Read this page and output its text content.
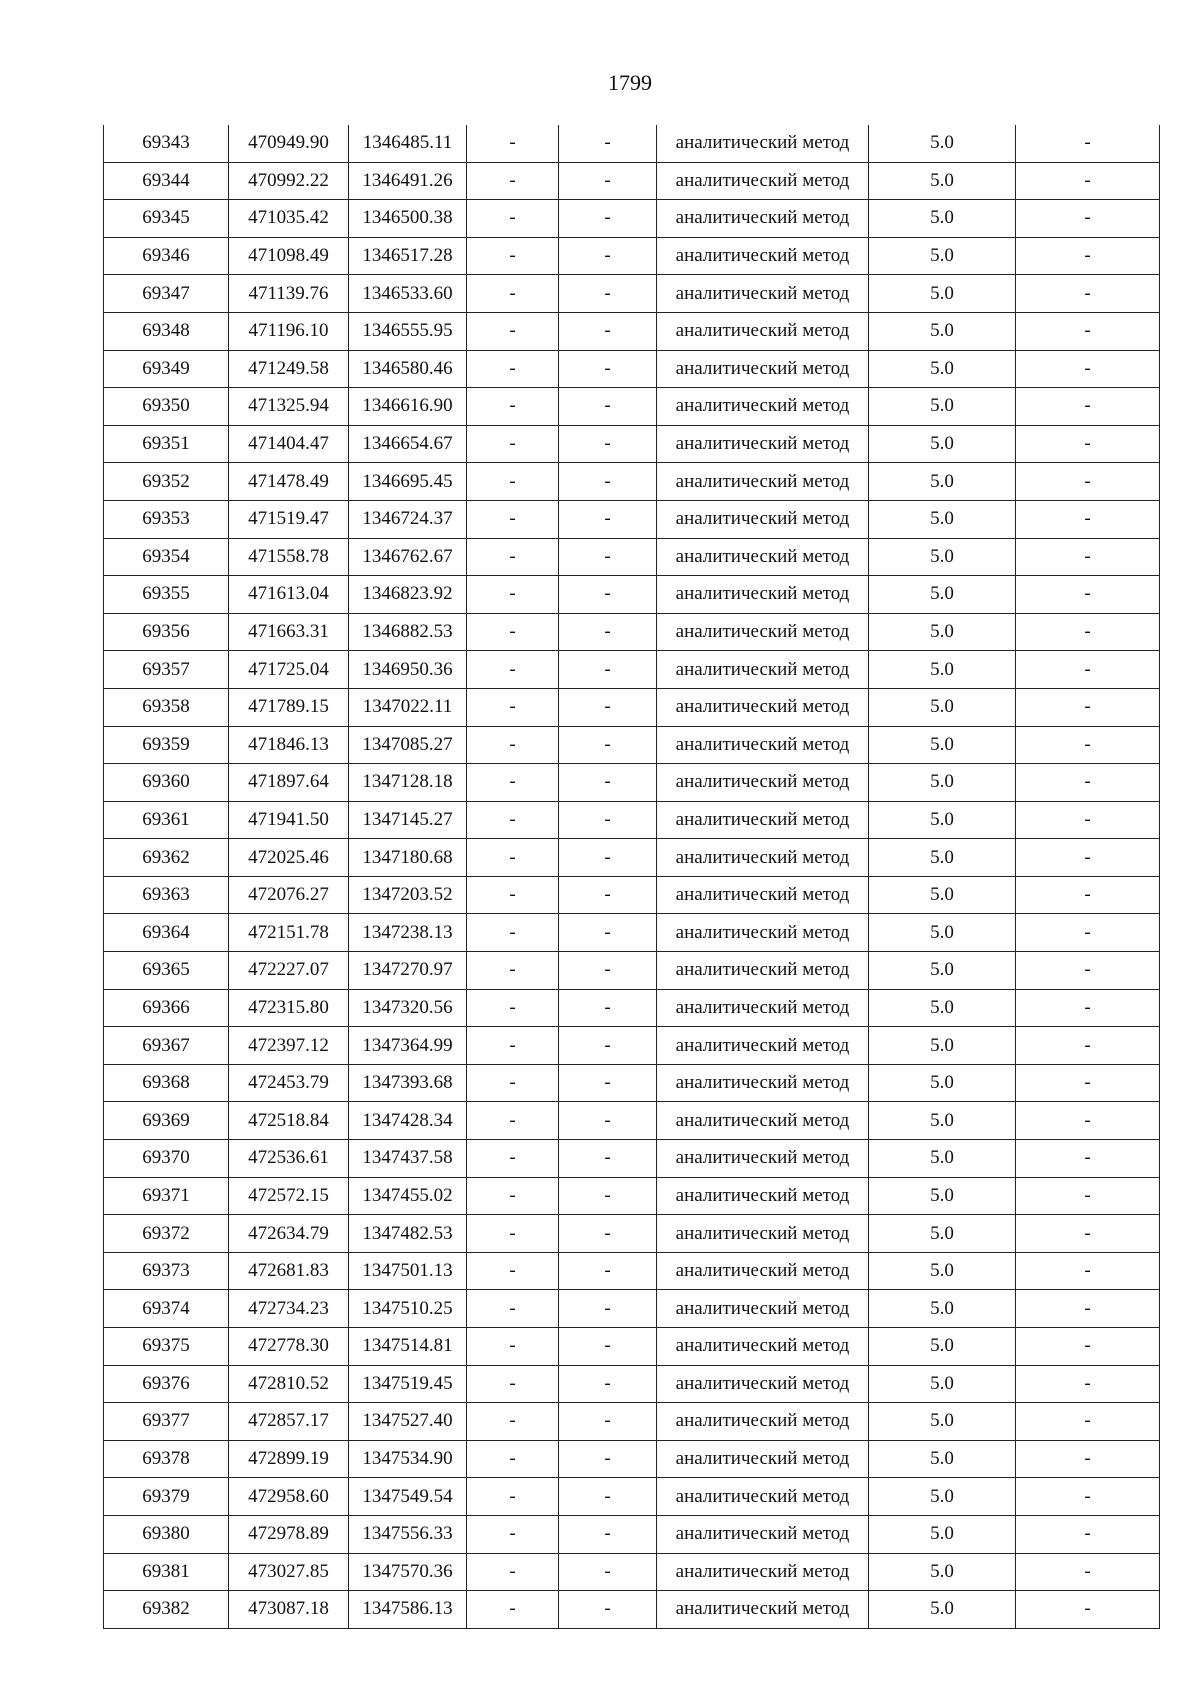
1799
69343	470949.90	1346485.11	-	-	аналитический метод	5.0	-
69344	470992.22	1346491.26	-	-	аналитический метод	5.0	-
69345	471035.42	1346500.38	-	-	аналитический метод	5.0	-
69346	471098.49	1346517.28	-	-	аналитический метод	5.0	-
69347	471139.76	1346533.60	-	-	аналитический метод	5.0	-
69348	471196.10	1346555.95	-	-	аналитический метод	5.0	-
69349	471249.58	1346580.46	-	-	аналитический метод	5.0	-
69350	471325.94	1346616.90	-	-	аналитический метод	5.0	-
69351	471404.47	1346654.67	-	-	аналитический метод	5.0	-
69352	471478.49	1346695.45	-	-	аналитический метод	5.0	-
69353	471519.47	1346724.37	-	-	аналитический метод	5.0	-
69354	471558.78	1346762.67	-	-	аналитический метод	5.0	-
69355	471613.04	1346823.92	-	-	аналитический метод	5.0	-
69356	471663.31	1346882.53	-	-	аналитический метод	5.0	-
69357	471725.04	1346950.36	-	-	аналитический метод	5.0	-
69358	471789.15	1347022.11	-	-	аналитический метод	5.0	-
69359	471846.13	1347085.27	-	-	аналитический метод	5.0	-
69360	471897.64	1347128.18	-	-	аналитический метод	5.0	-
69361	471941.50	1347145.27	-	-	аналитический метод	5.0	-
69362	472025.46	1347180.68	-	-	аналитический метод	5.0	-
69363	472076.27	1347203.52	-	-	аналитический метод	5.0	-
69364	472151.78	1347238.13	-	-	аналитический метод	5.0	-
69365	472227.07	1347270.97	-	-	аналитический метод	5.0	-
69366	472315.80	1347320.56	-	-	аналитический метод	5.0	-
69367	472397.12	1347364.99	-	-	аналитический метод	5.0	-
69368	472453.79	1347393.68	-	-	аналитический метод	5.0	-
69369	472518.84	1347428.34	-	-	аналитический метод	5.0	-
69370	472536.61	1347437.58	-	-	аналитический метод	5.0	-
69371	472572.15	1347455.02	-	-	аналитический метод	5.0	-
69372	472634.79	1347482.53	-	-	аналитический метод	5.0	-
69373	472681.83	1347501.13	-	-	аналитический метод	5.0	-
69374	472734.23	1347510.25	-	-	аналитический метод	5.0	-
69375	472778.30	1347514.81	-	-	аналитический метод	5.0	-
69376	472810.52	1347519.45	-	-	аналитический метод	5.0	-
69377	472857.17	1347527.40	-	-	аналитический метод	5.0	-
69378	472899.19	1347534.90	-	-	аналитический метод	5.0	-
69379	472958.60	1347549.54	-	-	аналитический метод	5.0	-
69380	472978.89	1347556.33	-	-	аналитический метод	5.0	-
69381	473027.85	1347570.36	-	-	аналитический метод	5.0	-
69382	473087.18	1347586.13	-	-	аналитический метод	5.0	-
